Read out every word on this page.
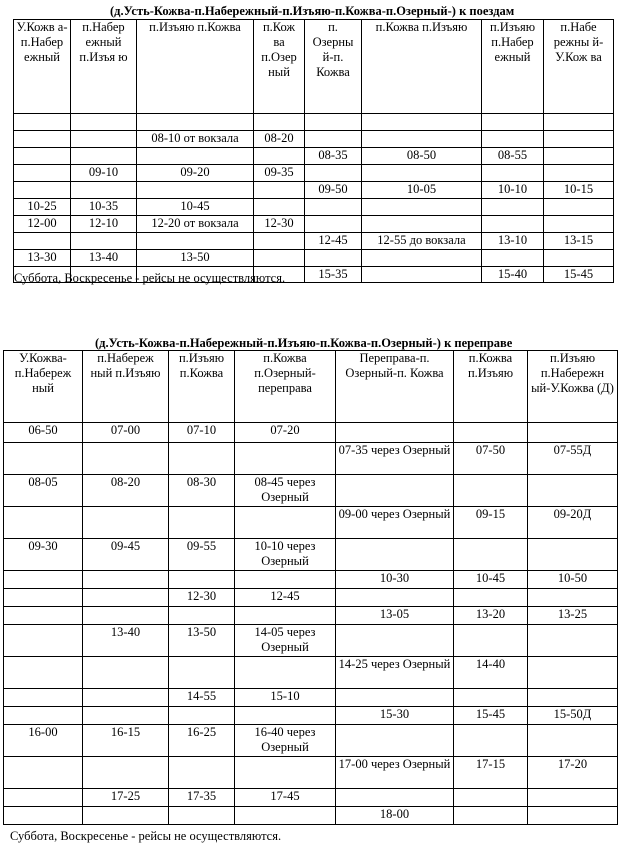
(д.Усть-Кожва-п.Набережный-п.Изъяю-п.Кожва-п.Озерный-) к поездам
У.Кожв а- п.Набер ежный	п.Набер ежный п.Изъя ю	п.Изъяю п.Кожва	п.Кож ва п.Озер ный	п. Озерны й-п. Кожва	п.Кожва п.Изъяю	п.Изъяю п.Набер ежный	п.Набе режны й- У.Кож ва

		08-10 от вокзала	08-20				
				08-35	08-50	08-55	
	09-10	09-20	09-35				
				09-50	10-05	10-10	10-15
10-25	10-35	10-45					
12-00	12-10	12-20 от вокзала	12-30				
				12-45	12-55 до вокзала	13-10	13-15
13-30	13-40	13-50					
				15-35		15-40	15-45
Суббота, Воскресенье - рейсы не осуществляются.
(д.Усть-Кожва-п.Набережный-п.Изъяю-п.Кожва-п.Озерный-) к переправе
У.Кожва- п.Набереж ный	п.Набереж ный п.Изъяю	п.Изъяю п.Кожва	п.Кожва п.Озерный- переправа	Переправа-п. Озерный-п. Кожва	п.Кожва п.Изъяю	п.Изъяю п.Набережн ый-У.Кожва (Д)
06-50	07-00	07-10	07-20			
				07-35 через Озерный	07-50	07-55Д
08-05	08-20	08-30	08-45 через Озерный			
				09-00 через Озерный	09-15	09-20Д
09-30	09-45	09-55	10-10 через Озерный			
				10-30	10-45	10-50
		12-30	12-45			
				13-05	13-20	13-25
	13-40	13-50	14-05 через Озерный			
				14-25 через Озерный	14-40	
		14-55	15-10			
				15-30	15-45	15-50Д
16-00	16-15	16-25	16-40 через Озерный			
				17-00 через Озерный	17-15	17-20
	17-25	17-35	17-45			
				18-00		
Суббота, Воскресенье - рейсы не осуществляются.
